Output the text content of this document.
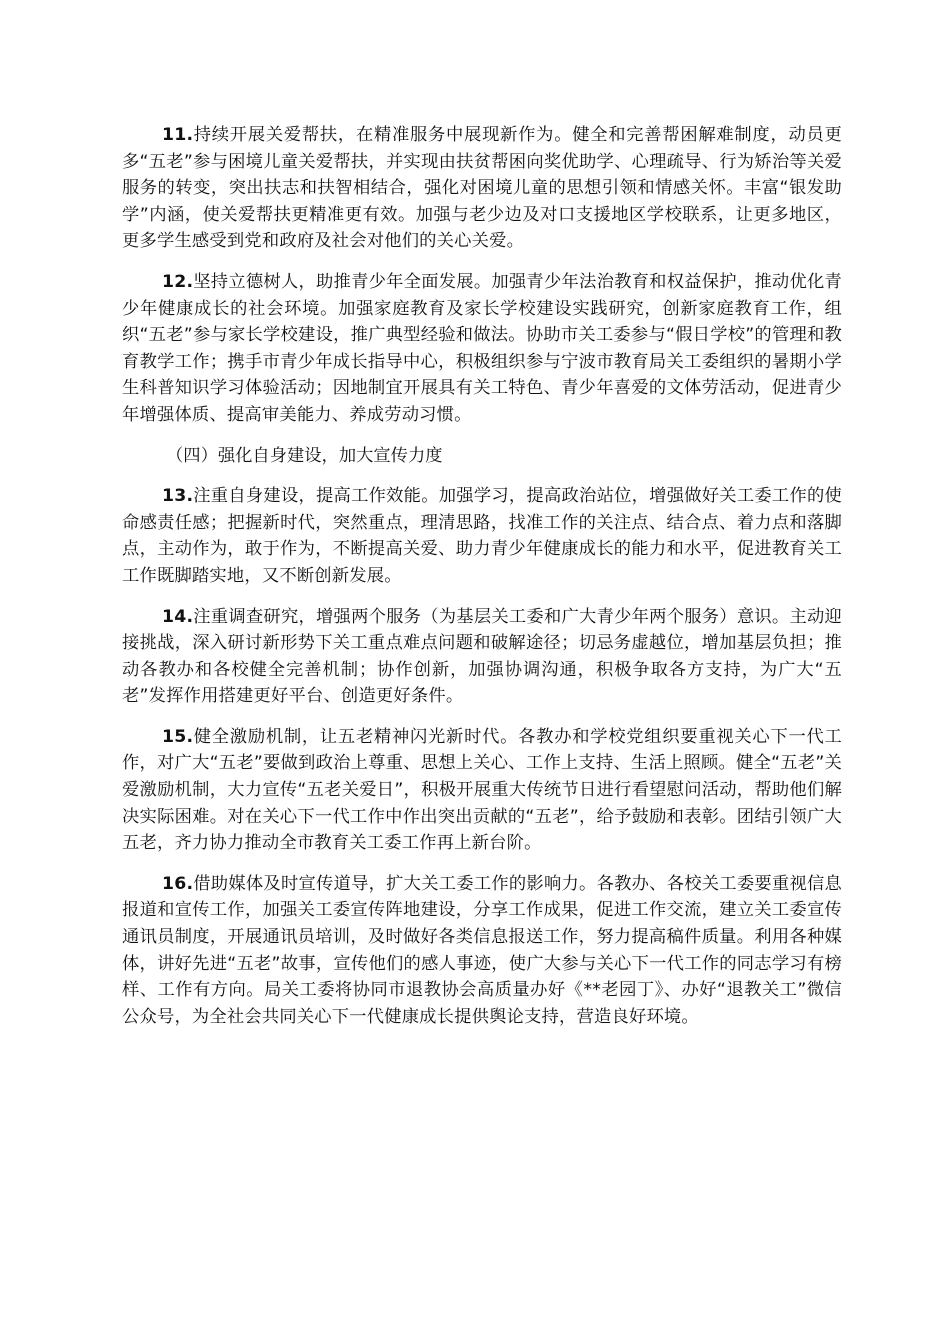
11.持续开展关爱帮扶，在精准服务中展现新作为。健全和完善帮困解难制度，动员更多“五老”参与困境儿童关爱帮扶，并实现由扶贫帮困向奖优助学、心理疏导、行为矫治等关爱服务的转变，突出扶志和扶智相结合，强化对困境儿童的思想引领和情感关怀。丰富“银发助学”内涵，使关爱帮扶更精准更有效。加强与老少边及对口支援地区学校联系，让更多地区，更多学生感受到党和政府及社会对他们的关心关爱。

12.坚持立德树人，助推青少年全面发展。加强青少年法治教育和权益保护，推动优化青少年健康成长的社会环境。加强家庭教育及家长学校建设实践研究，创新家庭教育工作，组织“五老”参与家长学校建设，推广典型经验和做法。协助市关工委参与“假日学校”的管理和教育教学工作；携手市青少年成长指导中心，积极组织参与宁波市教育局关工委组织的暑期小学生科普知识学习体验活动；因地制宜开展具有关工特色、青少年喜爱的文体劳活动，促进青少年增强体质、提高审美能力、养成劳动习惯。

（四）强化自身建设，加大宣传力度

13.注重自身建设，提高工作效能。加强学习，提高政治站位，增强做好关工委工作的使命感责任感；把握新时代，突然重点，理清思路，找准工作的关注点、结合点、着力点和落脚点，主动作为，敢于作为，不断提高关爱、助力青少年健康成长的能力和水平，促进教育关工工作既脚踏实地，又不断创新发展。

14.注重调查研究，增强两个服务（为基层关工委和广大青少年两个服务）意识。主动迎接挑战，深入研讨新形势下关工重点难点问题和破解途径；切忌务虚越位，增加基层负担；推动各教办和各校健全完善机制；协作创新，加强协调沟通，积极争取各方支持，为广大“五老”发挥作用搭建更好平台、创造更好条件。

15.健全激励机制，让五老精神闪光新时代。各教办和学校党组织要重视关心下一代工作，对广大“五老”要做到政治上尊重、思想上关心、工作上支持、生活上照顾。健全“五老”关爱激励机制，大力宣传“五老关爱日”，积极开展重大传统节日进行看望慰问活动，帮助他们解决实际困难。对在关心下一代工作中作出突出贡献的“五老”，给予鼓励和表彰。团结引领广大五老，齐力协力推动全市教育关工委工作再上新台阶。

16.借助媒体及时宣传道导，扩大关工委工作的影响力。各教办、各校关工委要重视信息报道和宣传工作，加强关工委宣传阵地建设，分享工作成果，促进工作交流，建立关工委宣传通讯员制度，开展通讯员培训，及时做好各类信息报送工作，努力提高稿件质量。利用各种媒体，讲好先进“五老”故事，宣传他们的感人事迹，使广大参与关心下一代工作的同志学习有榜样、工作有方向。局关工委将协同市退教协会高质量办好《**老园丁》、办好“退教关工”微信公众号，为全社会共同关心下一代健康成长提供舆论支持，营造良好环境。
